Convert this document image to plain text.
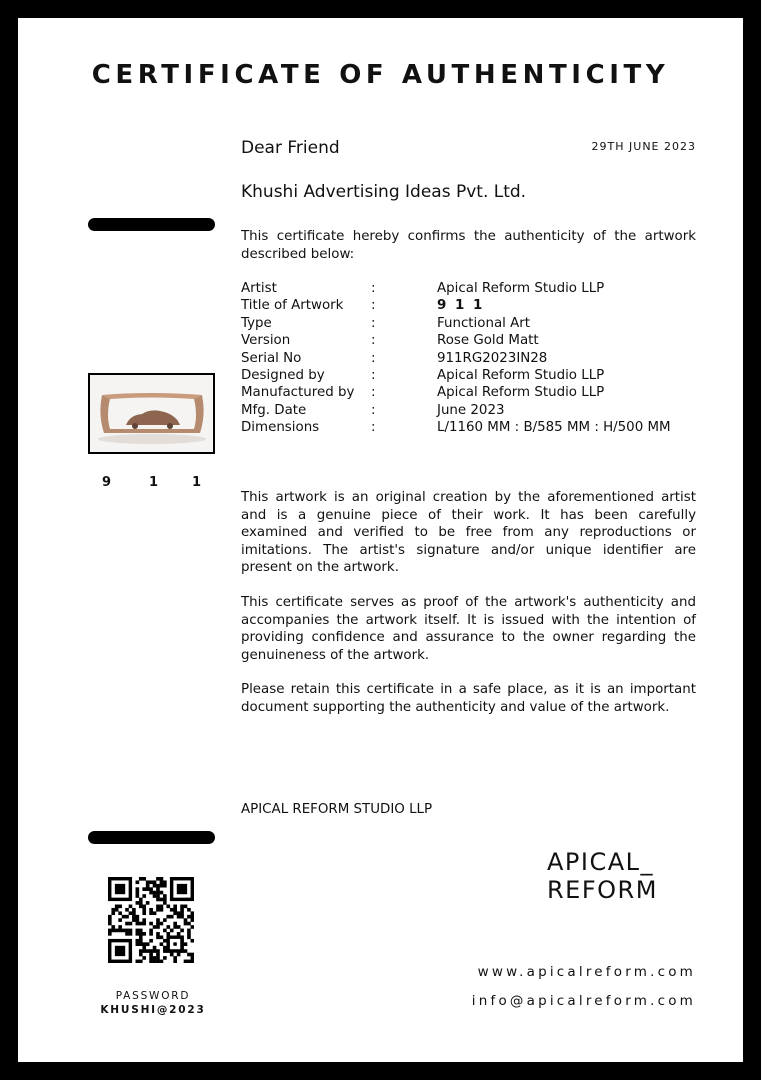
CERTIFICATE OF AUTHENTICITY
Dear Friend	29TH JUNE 2023
Khushi Advertising Ideas Pvt. Ltd.
This certificate hereby confirms the authenticity of the artwork described below:
Artist	:	Apical Reform Studio LLP
Title of Artwork :	9 1 1
Type	:	Functional Art
Version	:	Rose Gold Matt
Serial No	:	911RG2023IN28
Designed by	:	Apical Reform Studio LLP
Manufactured by :	Apical Reform Studio LLP
Mfg. Date	:	June 2023
Dimensions	:	L/1160 MM : B/585 MM : H/500 MM
9	1	1
This artwork is an original creation by the aforementioned artist and is a genuine piece of their work. It has been carefully examined and verified to be free from any reproductions or imitations. The artist's signature and/or unique identifier are present on the artwork.
This certificate serves as proof of the artwork's authenticity and accompanies the artwork itself. It is issued with the intention of providing confidence and assurance to the owner regarding the genuineness of the artwork.
Please retain this certificate in a safe place, as it is an important document supporting the authenticity and value of the artwork.
APICAL REFORM STUDIO LLP
APICAL_
REFORM
PASSWORD
KHUSHI@2023
www.apicalreform.com
info@apicalreform.com
